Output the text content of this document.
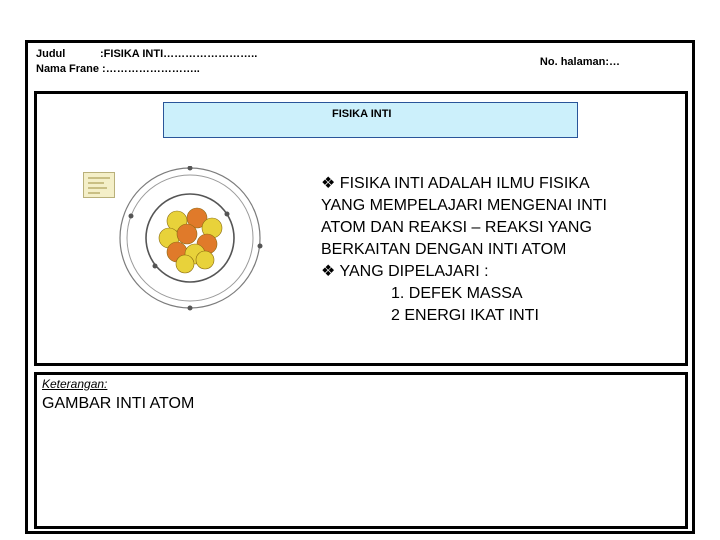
Judul	:FISIKA INTI……………………..
Nama Frane :……………………..
No. halaman:…
FISIKA INTI
❖ FISIKA INTI ADALAH ILMU FISIKA
YANG MEMPELAJARI MENGENAI INTI
ATOM DAN REAKSI – REAKSI YANG
BERKAITAN DENGAN INTI ATOM
❖ YANG DIPELAJARI :
1. DEFEK MASSA
2 ENERGI IKAT INTI
Keterangan:
GAMBAR INTI ATOM
